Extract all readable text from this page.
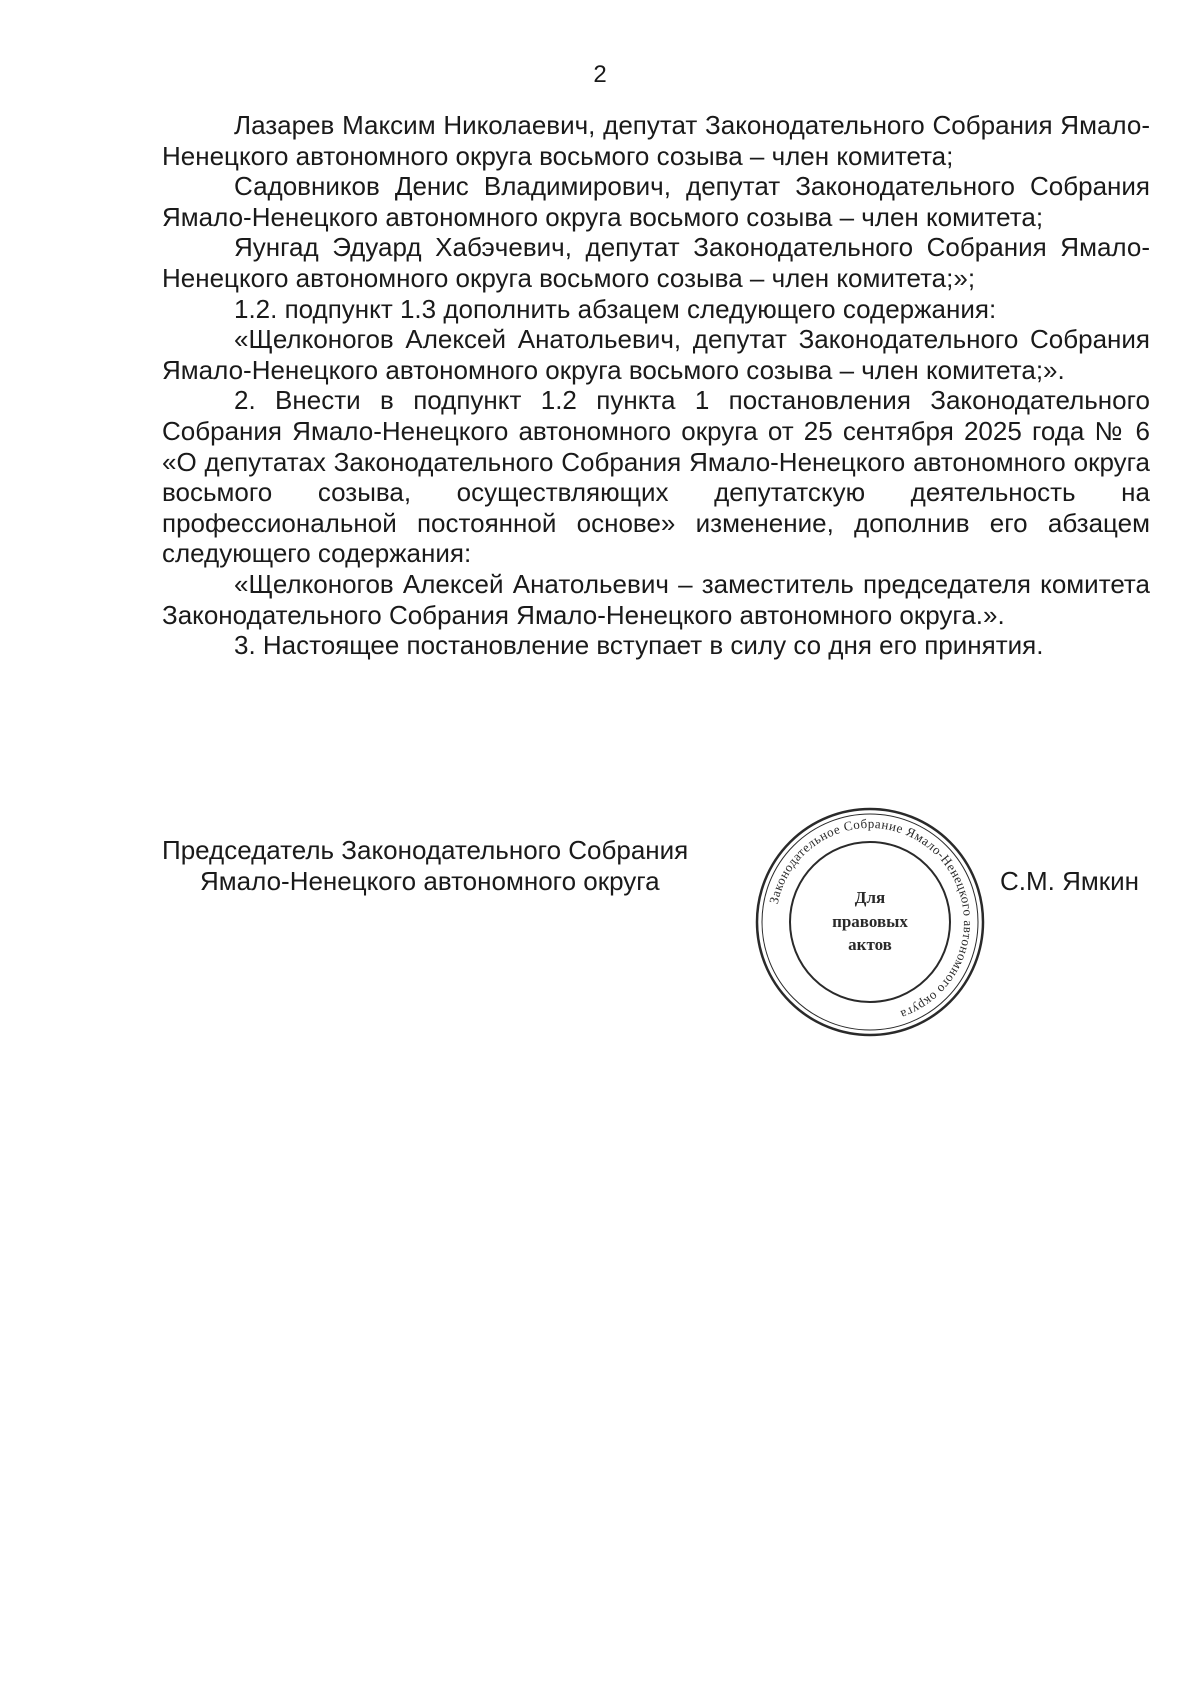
2

Лазарев Максим Николаевич, депутат Законодательного Собрания Ямало-Ненецкого автономного округа восьмого созыва – член комитета;

Садовников Денис Владимирович, депутат Законодательного Собрания Ямало-Ненецкого автономного округа восьмого созыва – член комитета;

Яунгад Эдуард Хабэчевич, депутат Законодательного Собрания Ямало-Ненецкого автономного округа восьмого созыва – член комитета;»;

1.2. подпункт 1.3 дополнить абзацем следующего содержания:

«Щелконогов Алексей Анатольевич, депутат Законодательного Собрания Ямало-Ненецкого автономного округа восьмого созыва – член комитета;».

2. Внести в подпункт 1.2 пункта 1 постановления Законодательного Собрания Ямало-Ненецкого автономного округа от 25 сентября 2025 года № 6 «О депутатах Законодательного Собрания Ямало-Ненецкого автономного округа восьмого созыва, осуществляющих депутатскую деятельность на профессиональной постоянной основе» изменение, дополнив его абзацем следующего содержания:

«Щелконогов Алексей Анатольевич – заместитель председателя комитета Законодательного Собрания Ямало-Ненецкого автономного округа.».

3. Настоящее постановление вступает в силу со дня его принятия.

Председатель Законодательного Собрания
Ямало-Ненецкого автономного округа	С.М. Ямкин
Законодательное Собрание Ямало-Ненецкого автономного округа
Для
правовых
актов
